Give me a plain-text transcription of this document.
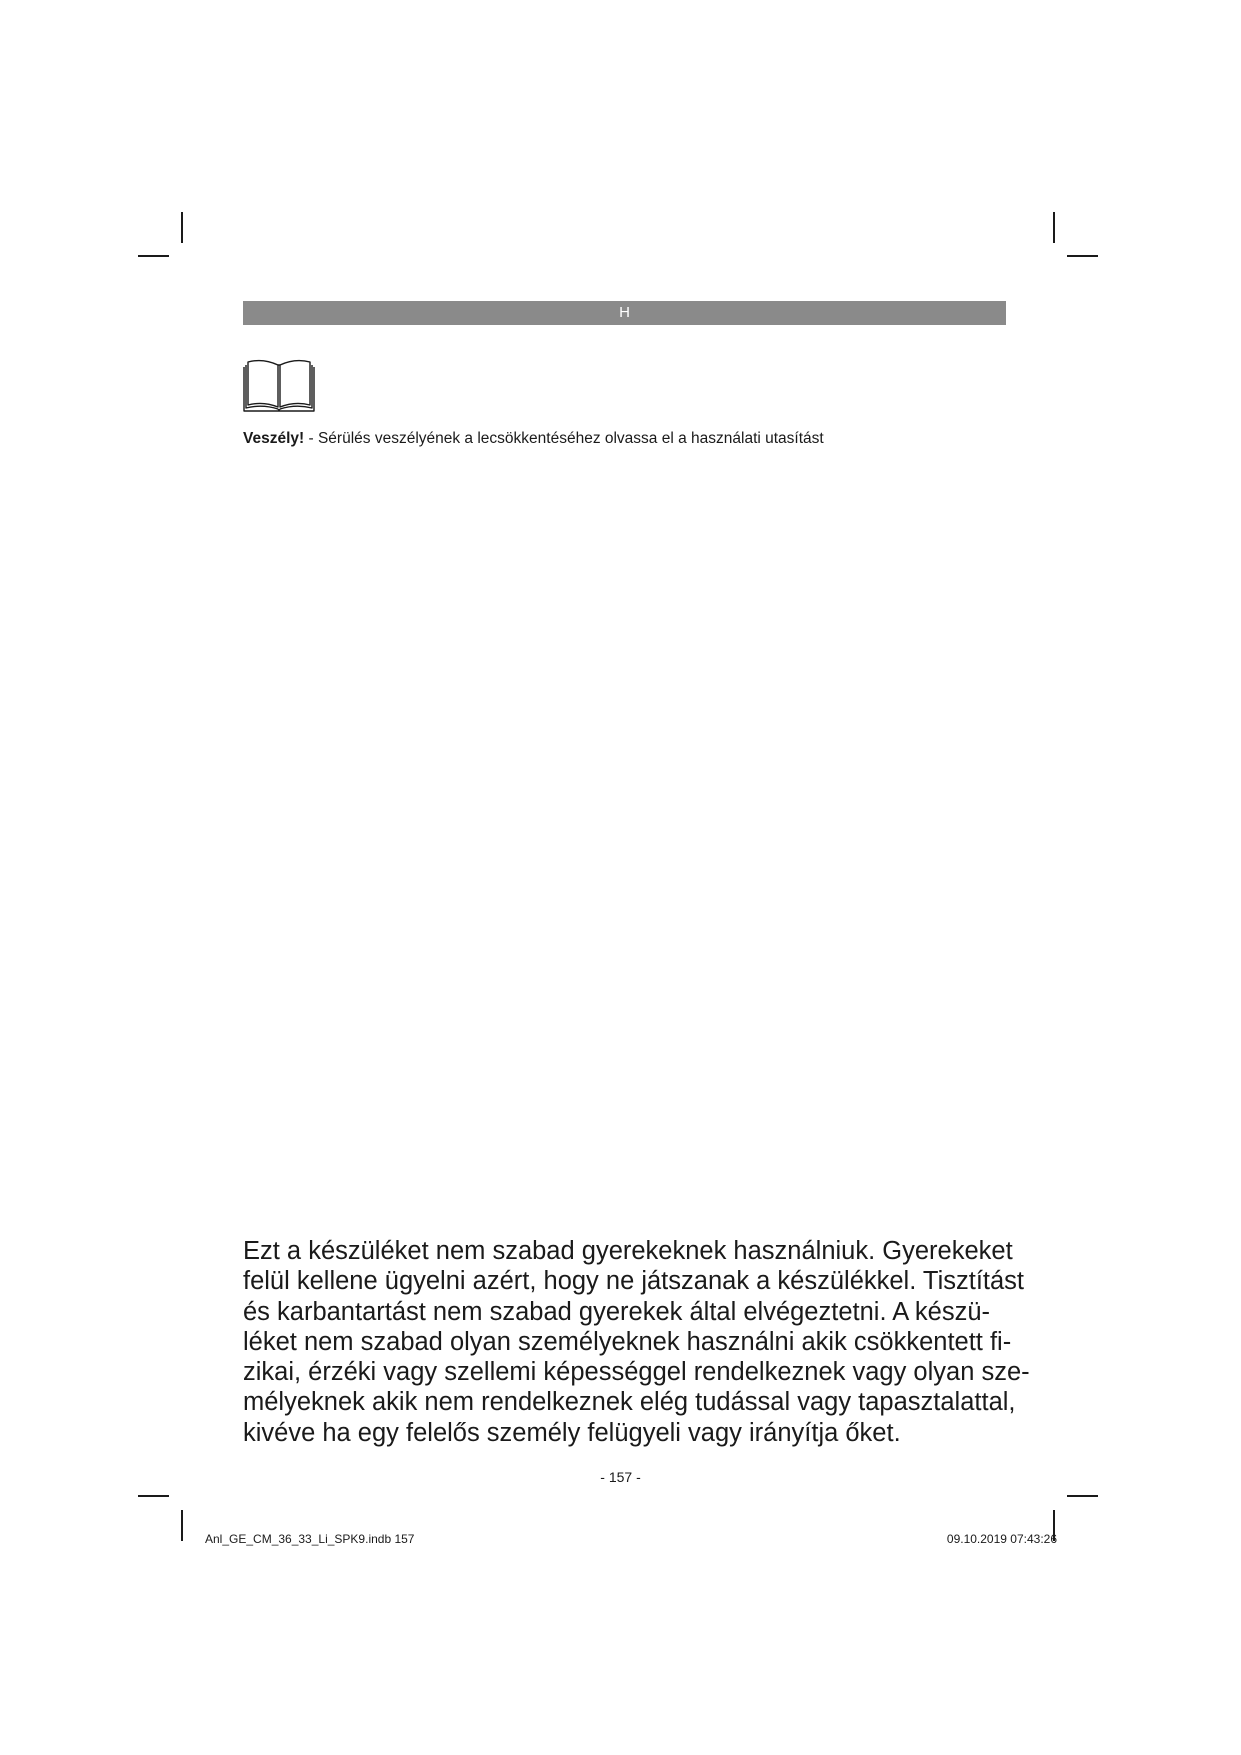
H
Veszély! - Sérülés veszélyének a lecsökkentéséhez olvassa el a használati utasítást
Ezt a készüléket nem szabad gyerekeknek használniuk. Gyerekeket
felül kellene ügyelni azért, hogy ne játszanak a készülékkel. Tisztítást
és karbantartást nem szabad gyerekek által elvégeztetni. A készü-
léket nem szabad olyan személyeknek használni akik csökkentett fi-
zikai, érzéki vagy szellemi képességgel rendelkeznek vagy olyan sze-
mélyeknek akik nem rendelkeznek elég tudással vagy tapasztalattal,
kivéve ha egy felelős személy felügyeli vagy irányítja őket.
- 157 -
Anl_GE_CM_36_33_Li_SPK9.indb 157	09.10.2019 07:43:26
